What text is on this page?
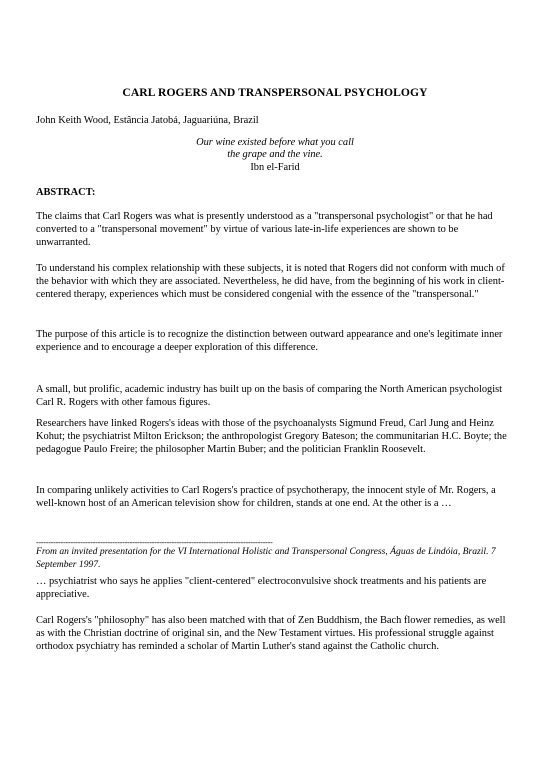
CARL ROGERS AND TRANSPERSONAL PSYCHOLOGY
John Keith Wood, Estância Jatobá, Jaguariúna, Brazil
Our wine existed before what you call
the grape and the vine.
Ibn el-Farid
ABSTRACT:

The claims that Carl Rogers was what is presently understood as a "transpersonal psychologist" or that he had converted to a "transpersonal movement" by virtue of various late-in-life experiences are shown to be unwarranted.

To understand his complex relationship with these subjects, it is noted that Rogers did not conform with much of the behavior with which they are associated. Nevertheless, he did have, from the beginning of his work in client-centered therapy, experiences which must be considered congenial with the essence of the "transpersonal."

The purpose of this article is to recognize the distinction between outward appearance and one's legitimate inner experience and to encourage a deeper exploration of this difference.

A small, but prolific, academic industry has built up on the basis of comparing the North American psychologist Carl R. Rogers with other famous figures.

Researchers have linked Rogers's ideas with those of the psychoanalysts Sigmund Freud, Carl Jung and Heinz Kohut; the psychiatrist Milton Erickson; the anthropologist Gregory Bateson; the communitarian H.C. Boyte; the pedagogue Paulo Freire; the philosopher Martin Buber; and the politician Franklin Roosevelt.

In comparing unlikely activities to Carl Rogers's practice of psychotherapy, the innocent style of Mr. Rogers, a well-known host of an American television show for children, stands at one end. At the other is a …

------------------------------------------------------------------------------------------------
From an invited presentation for the VI International Holistic and Transpersonal Congress, Águas de Lindóia, Brazil. 7 September 1997.

… psychiatrist who says he applies "client-centered" electroconvulsive shock treatments and his patients are appreciative.

Carl Rogers's "philosophy" has also been matched with that of Zen Buddhism, the Bach flower remedies, as well as with the Christian doctrine of original sin, and the New Testament virtues. His professional struggle against orthodox psychiatry has reminded a scholar of Martin Luther's stand against the Catholic church.
